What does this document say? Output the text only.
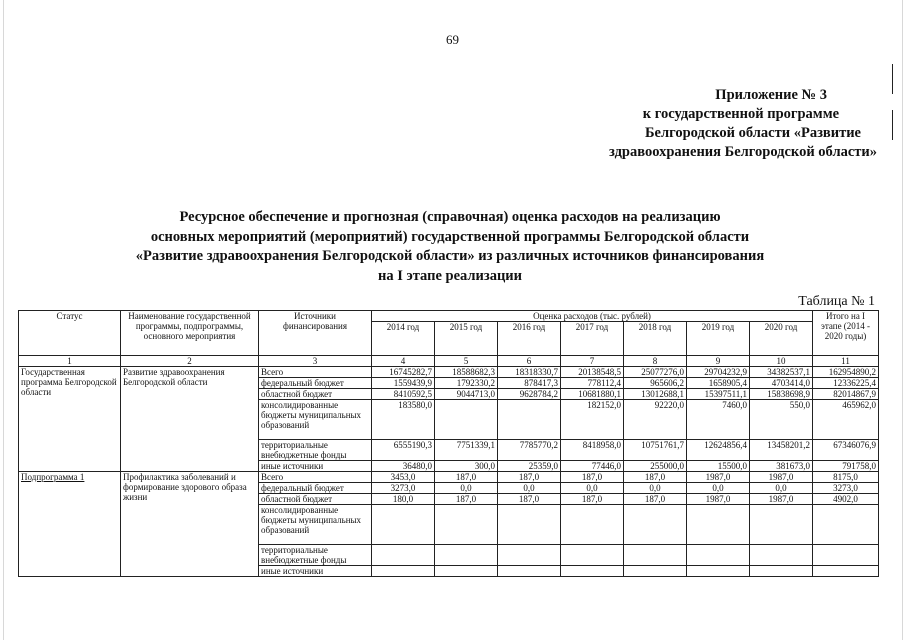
69
Приложение № 3
к государственной программе
Белгородской области «Развитие
здравоохранения Белгородской области»
Ресурсное обеспечение и прогнозная (справочная) оценка расходов на реализацию
основных мероприятий (мероприятий) государственной программы Белгородской области
«Развитие здравоохранения Белгородской области» из различных источников финансирования
на I этапе реализации
Таблица № 1
Статус	Наименование государственной программы, подпрограммы, основного мероприятия	Источники финансирования	Оценка расходов (тыс. рублей)							Итого на I этапе (2014 - 2020 годы)
			2014 год	2015 год	2016 год	2017 год	2018 год	2019 год	2020 год	
1	2	3	4	5	6	7	8	9	10	11
Государственная программа Белгородской области	Развитие здравоохранения Белгородской области	Всего	16745282,7	18588682,3	18318330,7	20138548,5	25077276,0	29704232,9	34382537,1	162954890,2
		федеральный бюджет	1559439,9	1792330,2	878417,3	778112,4	965606,2	1658905,4	4703414,0	12336225,4
		областной бюджет	8410592,5	9044713,0	9628784,2	10681880,1	13012688,1	15397511,1	15838698,9	82014867,9
		консолидированные бюджеты муниципальных образований	183580,0			182152,0	92220,0	7460,0	550,0	465962,0
		территориальные внебюджетные фонды	6555190,3	7751339,1	7785770,2	8418958,0	10751761,7	12624856,4	13458201,2	67346076,9
		иные источники	36480,0	300,0	25359,0	77446,0	255000,0	15500,0	381673,0	791758,0
Подпрограмма 1	Профилактика заболеваний и формирование здорового образа жизни	Всего	3453,0	187,0	187,0	187,0	187,0	1987,0	1987,0	8175,0
		федеральный бюджет	3273,0	0,0	0,0	0,0	0,0	0,0	0,0	3273,0
		областной бюджет	180,0	187,0	187,0	187,0	187,0	1987,0	1987,0	4902,0
		консолидированные бюджеты муниципальных образований								
		территориальные внебюджетные фонды								
		иные источники								
